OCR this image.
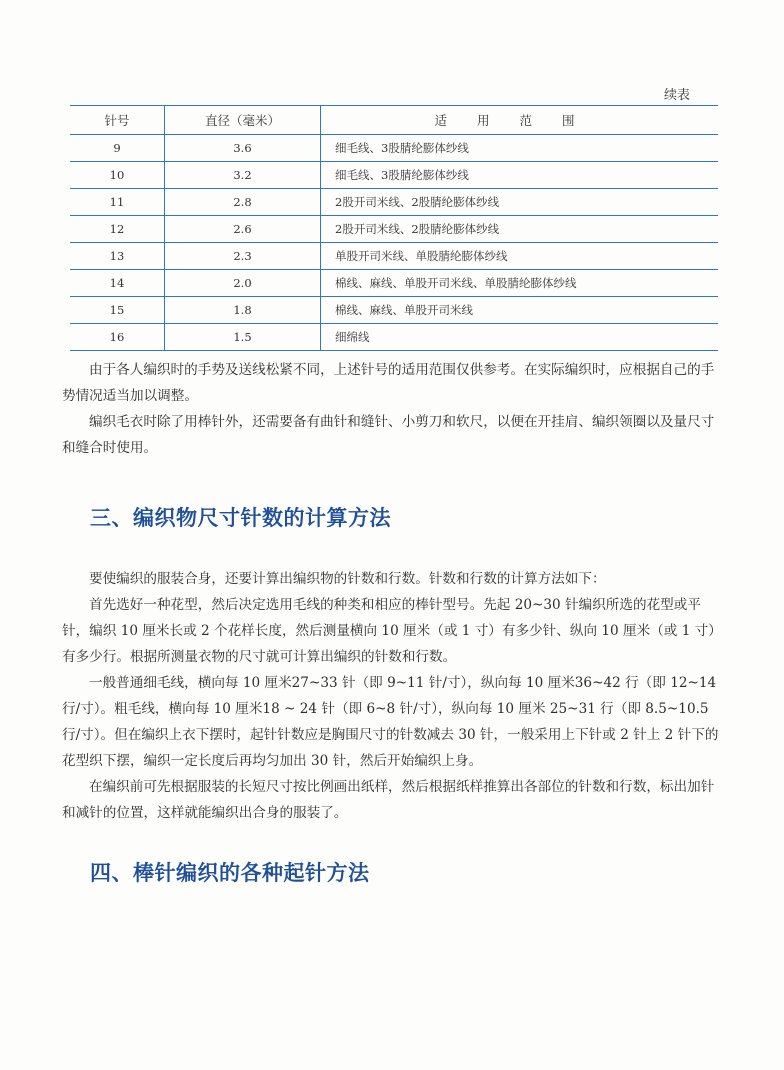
续表
针号	直径（毫米）	适用范围
9	3.6	细毛线、3股腈纶膨体纱线
10	3.2	细毛线、3股腈纶膨体纱线
11	2.8	2股开司米线、2股腈纶膨体纱线
12	2.6	2股开司米线、2股腈纶膨体纱线
13	2.3	单股开司米线、单股腈纶膨体纱线
14	2.0	棉线、麻线、单股开司米线、单股腈纶膨体纱线
15	1.8	棉线、麻线、单股开司米线
16	1.5	细绵线

由于各人编织时的手势及送线松紧不同，上述针号的适用范围仅供参考。在实际编织时，应根据自己的手势情况适当加以调整。

编织毛衣时除了用棒针外，还需要备有曲针和缝针、小剪刀和软尺，以便在开挂肩、编织领圈以及量尺寸和缝合时使用。

三、编织物尺寸针数的计算方法

要使编织的服装合身，还要计算出编织物的针数和行数。针数和行数的计算方法如下：

首先选好一种花型，然后决定选用毛线的种类和相应的棒针型号。先起 20~30 针编织所选的花型或平针，编织 10 厘米长或 2 个花样长度，然后测量横向 10 厘米（或 1 寸）有多少针、纵向 10 厘米（或 1 寸）有多少行。根据所测量衣物的尺寸就可计算出编织的针数和行数。

一般普通细毛线，横向每 10 厘米27~33 针（即 9~11 针/寸），纵向每 10 厘米36~42 行（即 12~14 行/寸）。粗毛线，横向每 10 厘米18 ~ 24 针（即 6~8 针/寸），纵向每 10 厘米 25~31 行（即 8.5~10.5 行/寸）。但在编织上衣下摆时，起针针数应是胸围尺寸的针数减去 30 针，一般采用上下针或 2 针上 2 针下的花型织下摆，编织一定长度后再均匀加出 30 针，然后开始编织上身。

在编织前可先根据服装的长短尺寸按比例画出纸样，然后根据纸样推算出各部位的针数和行数，标出加针和减针的位置，这样就能编织出合身的服装了。

四、棒针编织的各种起针方法
